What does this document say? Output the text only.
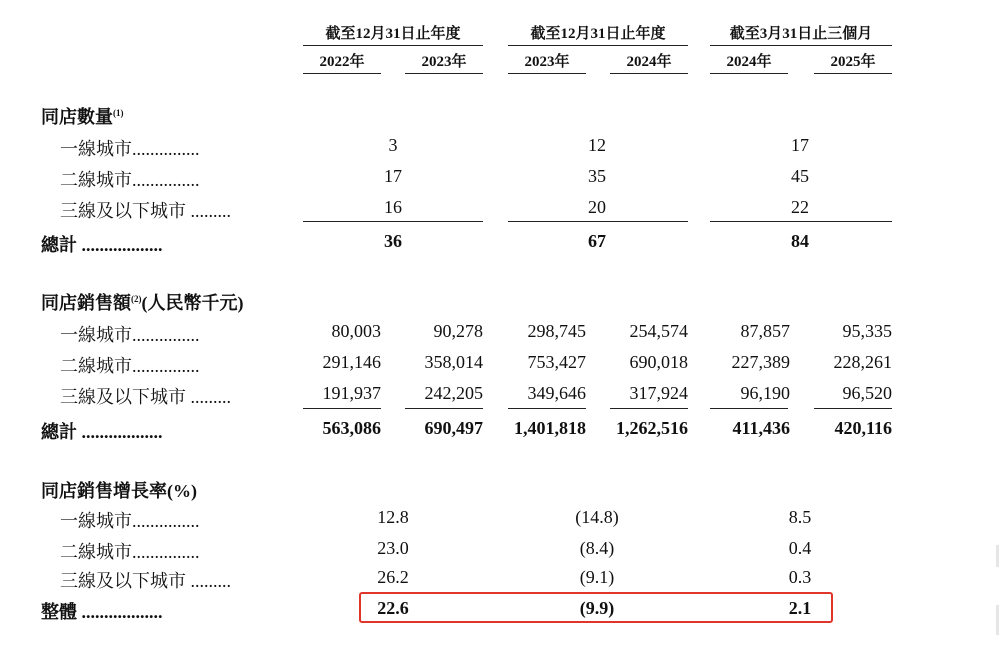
截至12月31日止年度	截至12月31日止年度	截至3月31日止三個月
2022年	2023年	2023年	2024年	2024年	2025年
同店數量$^{(1)}$
一線城市...............	3	12	17
二線城市...............	17	35	45
三線及以下城市 .........	16	20	22
總計 ..................	36	67	84
同店銷售額$^{(2)}$(人民幣千元)
一線城市...............	80,003	90,278	298,745	254,574	87,857	95,335
二線城市...............	291,146	358,014	753,427	690,018	227,389	228,261
三線及以下城市 .........	191,937	242,205	349,646	317,924	96,190	96,520
總計 ..................	563,086	690,497	1,401,818	1,262,516	411,436	420,116
同店銷售增長率(%)
一線城市...............	12.8	(14.8)	8.5
二線城市...............	23.0	(8.4)	0.4
三線及以下城市 .........	26.2	(9.1)	0.3
整體 ..................	22.6	(9.9)	2.1
